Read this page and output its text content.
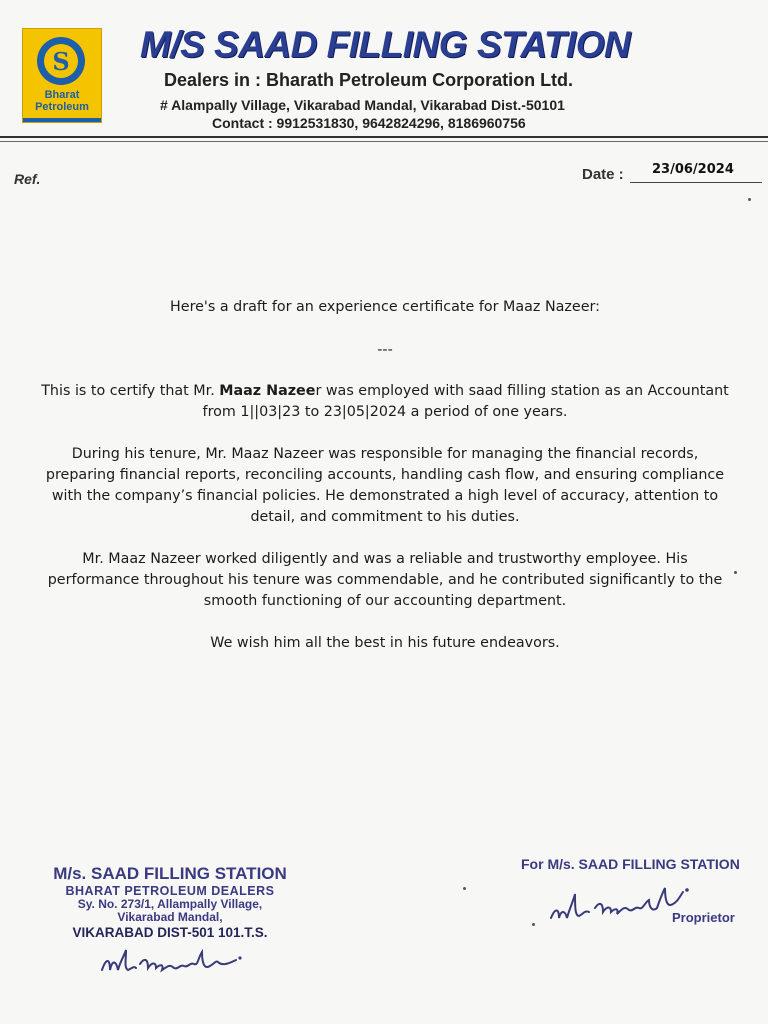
S
Bharat
Petroleum
M/S SAAD FILLING STATION
Dealers in : Bharath Petroleum Corporation Ltd.
# Alampally Village, Vikarabad Mandal, Vikarabad Dist.-50101
Contact : 9912531830, 9642824296, 8186960756
Ref.	Date : 23/06/2024
Here's a draft for an experience certificate for Maaz Nazeer:
---
This is to certify that Mr. Maaz Nazeer was employed with saad filling station as an Accountant from 1||03|23 to 23|05|2024 a period of one years.
During his tenure, Mr. Maaz Nazeer was responsible for managing the financial records, preparing financial reports, reconciling accounts, handling cash flow, and ensuring compliance with the company’s financial policies. He demonstrated a high level of accuracy, attention to detail, and commitment to his duties.
Mr. Maaz Nazeer worked diligently and was a reliable and trustworthy employee. His performance throughout his tenure was commendable, and he contributed significantly to the smooth functioning of our accounting department.
We wish him all the best in his future endeavors.
M/s. SAAD FILLING STATION
BHARAT PETROLEUM DEALERS
Sy. No. 273/1, Allampally Village,
Vikarabad Mandal,
VIKARABAD DIST-501 101.T.S.
For M/s. SAAD FILLING STATION
Proprietor
